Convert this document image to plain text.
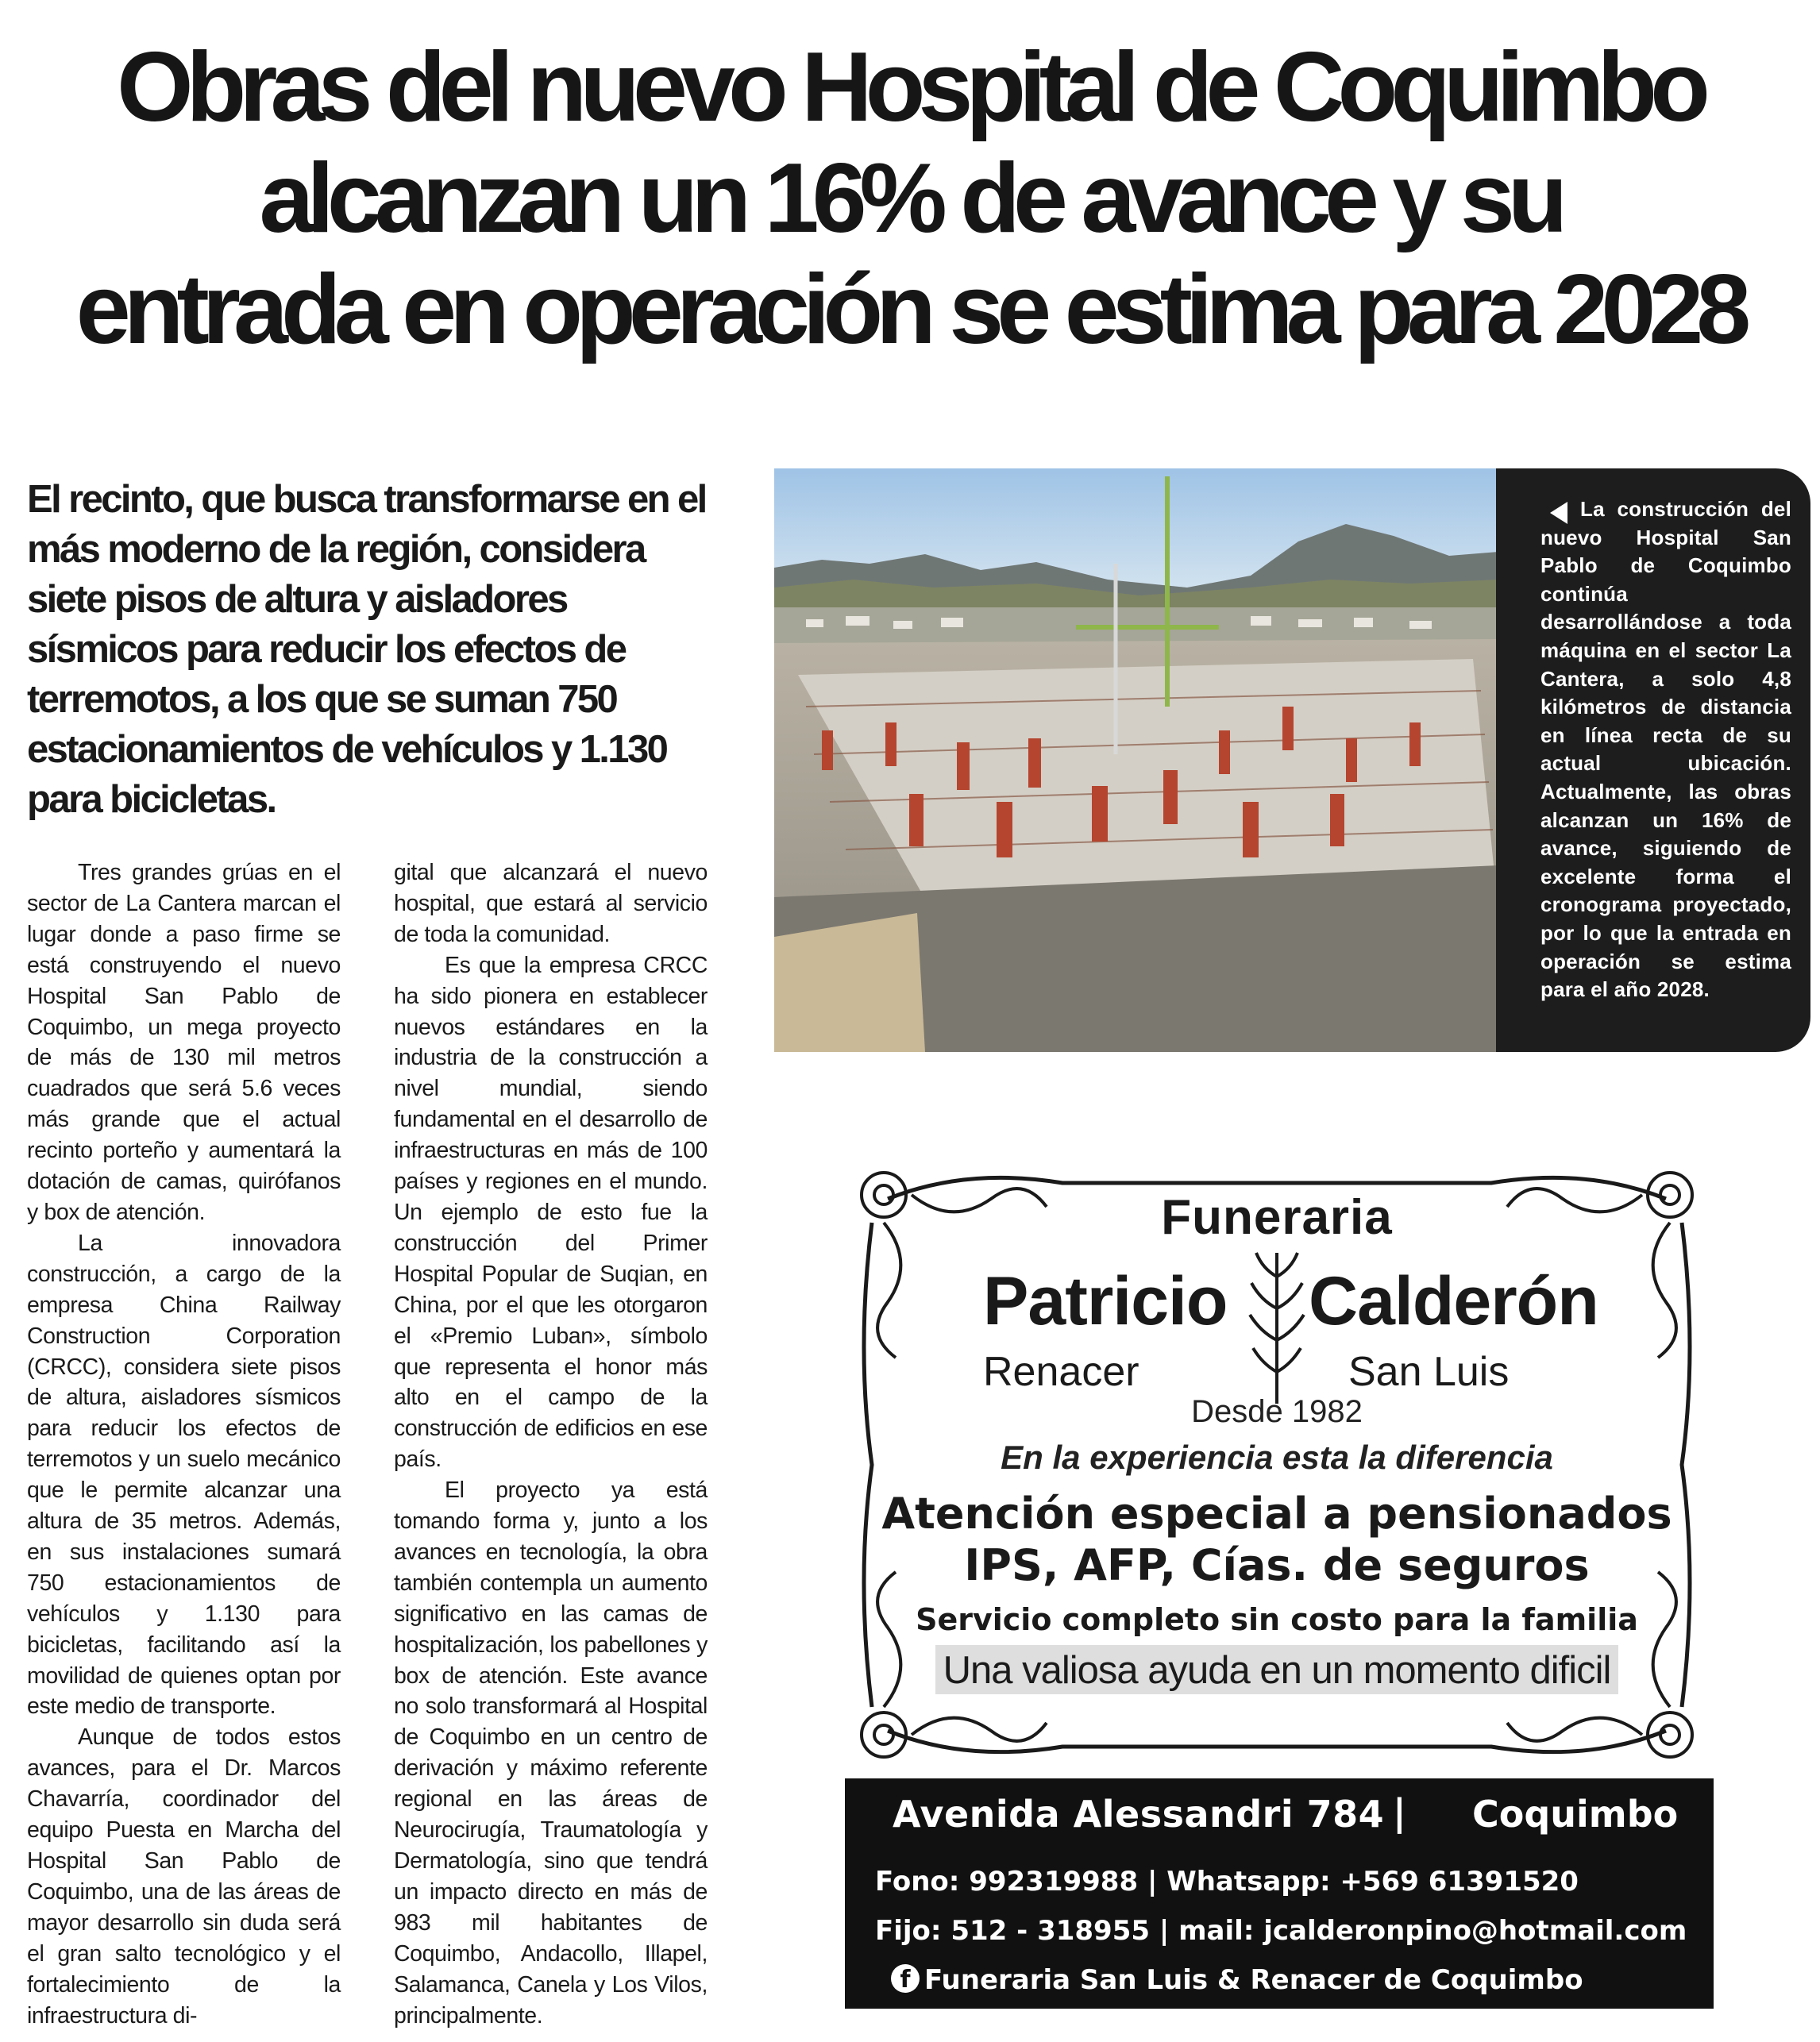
Obras del nuevo Hospital de Coquimbo
alcanzan un 16% de avance y su
entrada en operación se estima para 2028

El recinto, que busca transformarse en el más moderno de la región, considera siete pisos de altura y aisladores sísmicos para reducir los efectos de terremotos, a los que se suman 750 estacionamientos de vehículos y 1.130 para bicicletas.

Tres grandes grúas en el sector de La Cantera marcan el lugar donde a paso firme se está construyendo el nuevo Hospital San Pablo de Coquimbo, un mega proyecto de más de 130 mil metros cuadrados que será 5.6 veces más grande que el actual recinto porteño y aumentará la dotación de camas, quirófanos y box de atención.

La innovadora construcción, a cargo de la empresa China Railway Construction Corporation (CRCC), considera siete pisos de altura, aisladores sísmicos para reducir los efectos de terremotos y un suelo mecánico que le permite alcanzar una altura de 35 metros. Además, en sus instalaciones sumará 750 estacionamientos de vehículos y 1.130 para bicicletas, facilitando así la movilidad de quienes optan por este medio de transporte.

Aunque de todos estos avances, para el Dr. Marcos Chavarría, coordinador del equipo Puesta en Marcha del Hospital San Pablo de Coquimbo, una de las áreas de mayor desarrollo sin duda será el gran salto tecnológico y el fortalecimiento de la infraestructura di-

gital que alcanzará el nuevo hospital, que estará al servicio de toda la comunidad.

Es que la empresa CRCC ha sido pionera en establecer nuevos estándares en la industria de la construcción a nivel mundial, siendo fundamental en el desarrollo de infraestructuras en más de 100 países y regiones en el mundo. Un ejemplo de esto fue la construcción del Primer Hospital Popular de Suqian, en China, por el que les otorgaron el «Premio Luban», símbolo que representa el honor más alto en el campo de la construcción de edificios en ese país.

El proyecto ya está tomando forma y, junto a los avances en tecnología, la obra también contempla un aumento significativo en las camas de hospitalización, los pabellones y box de atención. Este avance no solo transformará al Hospital de Coquimbo en un centro de derivación y máximo referente regional en las áreas de Neurocirugía, Traumatología y Dermatología, sino que tendrá un impacto directo en más de 983 mil habitantes de Coquimbo, Andacollo, Illapel, Salamanca, Canela y Los Vilos, principalmente.

La construcción del nuevo Hospital San Pablo de Coquimbo continúa desarrollándose a toda máquina en el sector La Cantera, a solo 4,8 kilómetros de distancia en línea recta de su actual ubicación. Actualmente, las obras alcanzan un 16% de avance, siguiendo de excelente forma el cronograma proyectado, por lo que la entrada en operación se estima para el año 2028.

Funeraria

Patricio Calderón
Renacer	San Luis

Desde 1982

En la experiencia esta la diferencia

Atención especial a pensionados

IPS, AFP, Cías. de seguros

Servicio completo sin costo para la familia

Una valiosa ayuda en un momento dificil

Avenida Alessandri 784 | Coquimbo

Fono: 992319988 | Whatsapp: +569 61391520

Fijo: 512 - 318955 | mail: jcalderonpino@hotmail.com

f Funeraria San Luis & Renacer de Coquimbo
